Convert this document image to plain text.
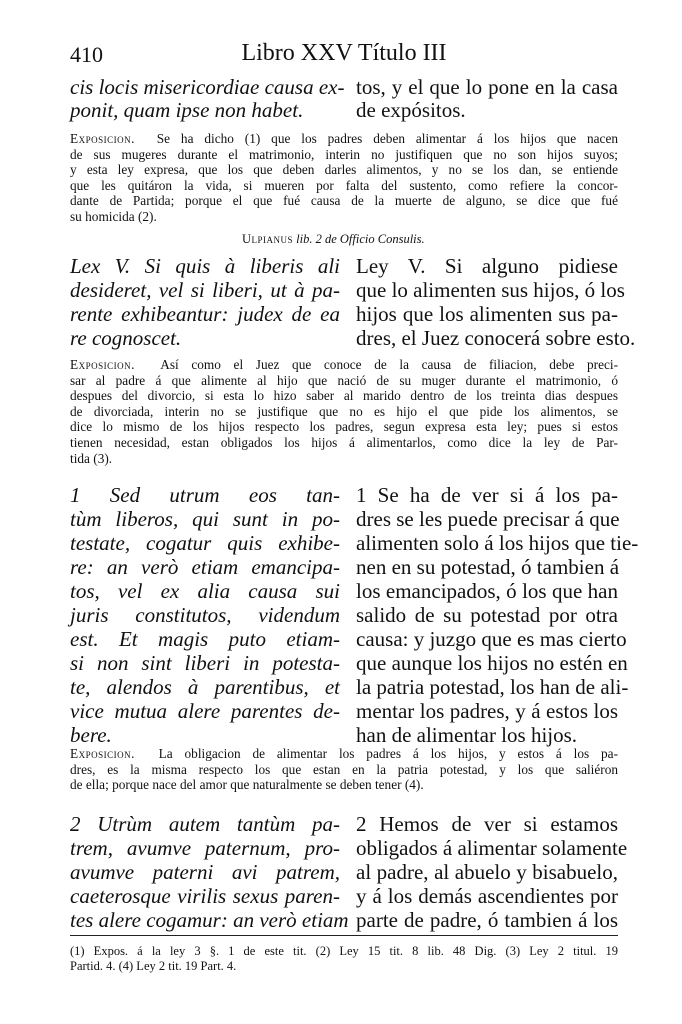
410	Libro XXV Título III
cis locis misericordiae causa ex-
ponit, quam ipse non habet.
tos, y el que lo pone en la casa
de expósitos.
Exposicion. Se ha dicho (1) que los padres deben alimentar á los hijos que nacen
de sus mugeres durante el matrimonio, interin no justifiquen que no son hijos suyos;
y esta ley expresa, que los que deben darles alimentos, y no se los dan, se entiende
que les quitáron la vida, si mueren por falta del sustento, como refiere la concor-
dante de Partida; porque el que fué causa de la muerte de alguno, se dice que fué
su homicida (2).
Ulpianus lib. 2 de Officio Consulis.
Lex V. Si quis à liberis ali
desideret, vel si liberi, ut à pa-
rente exhibeantur: judex de ea
re cognoscet.
Ley V. Si alguno pidiese
que lo alimenten sus hijos, ó los
hijos que los alimenten sus pa-
dres, el Juez conocerá sobre esto.
Exposicion. Así como el Juez que conoce de la causa de filiacion, debe preci-
sar al padre á que alimente al hijo que nació de su muger durante el matrimonio, ó
despues del divorcio, si esta lo hizo saber al marido dentro de los treinta dias despues
de divorciada, interin no se justifique que no es hijo el que pide los alimentos, se
dice lo mismo de los hijos respecto los padres, segun expresa esta ley; pues si estos
tienen necesidad, estan obligados los hijos á alimentarlos, como dice la ley de Par-
tida (3).
1 Sed utrum eos tan-
tùm liberos, qui sunt in po-
testate, cogatur quis exhibe-
re: an verò etiam emancipa-
tos, vel ex alia causa sui
juris constitutos, videndum
est. Et magis puto etiam-
si non sint liberi in potesta-
te, alendos à parentibus, et
vice mutua alere parentes de-
bere.
1 Se ha de ver si á los pa-
dres se les puede precisar á que
alimenten solo á los hijos que tie-
nen en su potestad, ó tambien á
los emancipados, ó los que han
salido de su potestad por otra
causa: y juzgo que es mas cierto
que aunque los hijos no estén en
la patria potestad, los han de ali-
mentar los padres, y á estos los
han de alimentar los hijos.
Exposicion. La obligacion de alimentar los padres á los hijos, y estos á los pa-
dres, es la misma respecto los que estan en la patria potestad, y los que saliéron
de ella; porque nace del amor que naturalmente se deben tener (4).
2 Utrùm autem tantùm pa-
trem, avumve paternum, pro-
avumve paterni avi patrem,
caeterosque virilis sexus paren-
tes alere cogamur: an verò etiam
2 Hemos de ver si estamos
obligados á alimentar solamente
al padre, al abuelo y bisabuelo,
y á los demás ascendientes por
parte de padre, ó tambien á los
(1) Expos. á la ley 3 §. 1 de este tit. (2) Ley 15 tit. 8 lib. 48 Dig. (3) Ley 2 titul. 19
Partid. 4. (4) Ley 2 tit. 19 Part. 4.
